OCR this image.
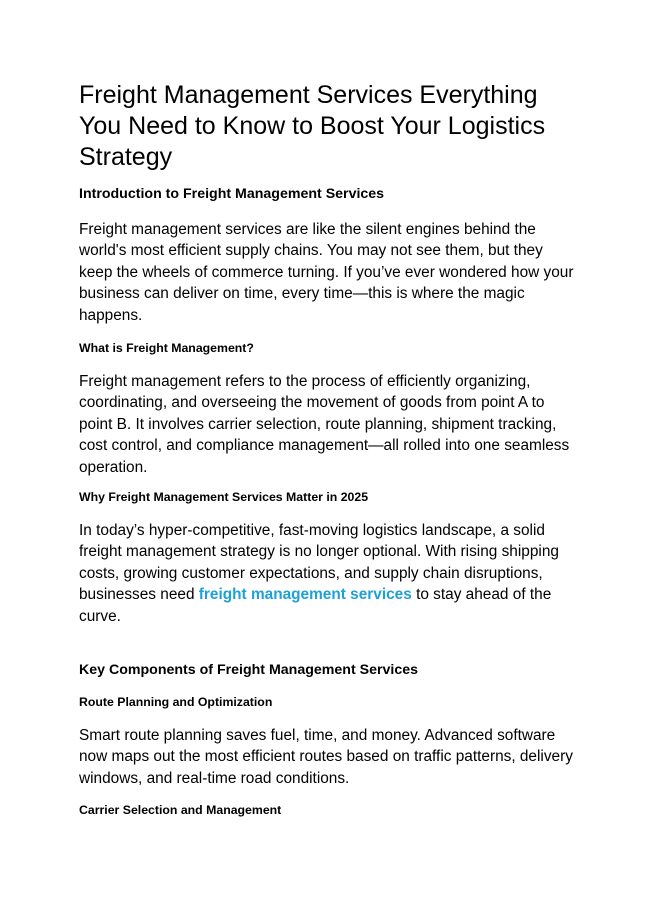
Freight Management Services Everything You Need to Know to Boost Your Logistics Strategy
Introduction to Freight Management Services

Freight management services are like the silent engines behind the world's most efficient supply chains. You may not see them, but they keep the wheels of commerce turning. If you’ve ever wondered how your business can deliver on time, every time—this is where the magic happens.

What is Freight Management?

Freight management refers to the process of efficiently organizing, coordinating, and overseeing the movement of goods from point A to point B. It involves carrier selection, route planning, shipment tracking, cost control, and compliance management—all rolled into one seamless operation.

Why Freight Management Services Matter in 2025

In today’s hyper-competitive, fast-moving logistics landscape, a solid freight management strategy is no longer optional. With rising shipping costs, growing customer expectations, and supply chain disruptions, businesses need freight management services to stay ahead of the curve.

Key Components of Freight Management Services
Route Planning and Optimization

Smart route planning saves fuel, time, and money. Advanced software now maps out the most efficient routes based on traffic patterns, delivery windows, and real-time road conditions.

Carrier Selection and Management
